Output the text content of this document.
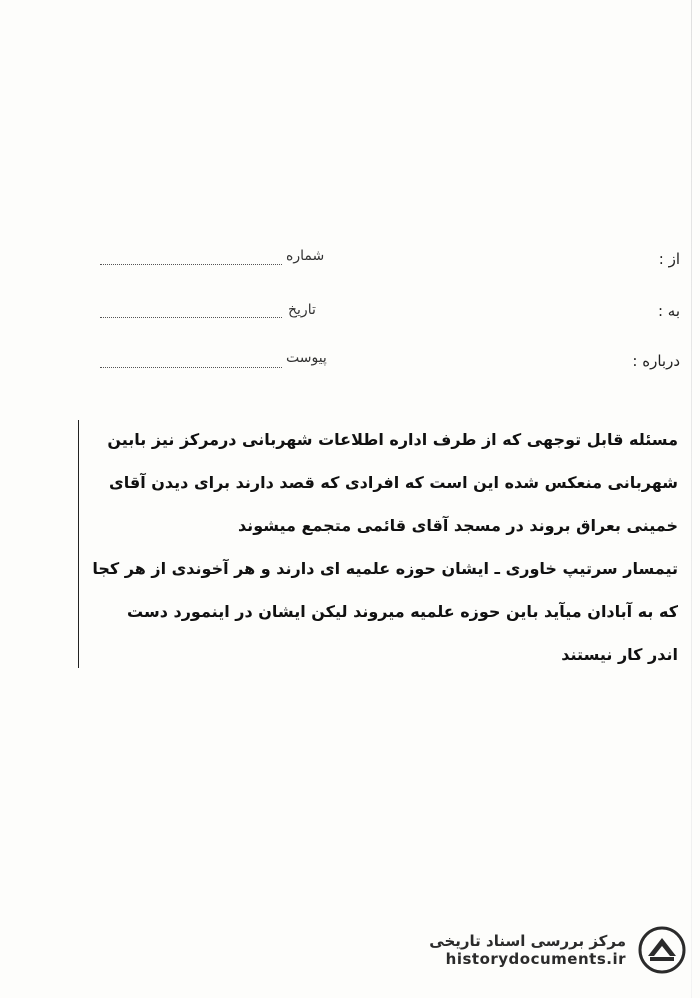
از :
به :
درباره :
شماره
تاریخ
پیوست

مسئله قابل توجهی که از طرف اداره اطلاعات شهربانی درمرکز نیز بابین

شهربانی منعکس شده این است که افرادی که قصد دارند برای دیدن آقای

خمینی بعراق بروند در مسجد آقای قائمی متجمع میشوند

تیمسار سرتیپ خاوری ـ ایشان حوزه علمیه ای دارند و هر آخوندی از هر کجا

که به آبادان میآید باین حوزه علمیه میروند لیکن ایشان در اینمورد دست

اندر کار نیستند

مرکز بررسی اسناد تاریخی
historydocuments.ir
